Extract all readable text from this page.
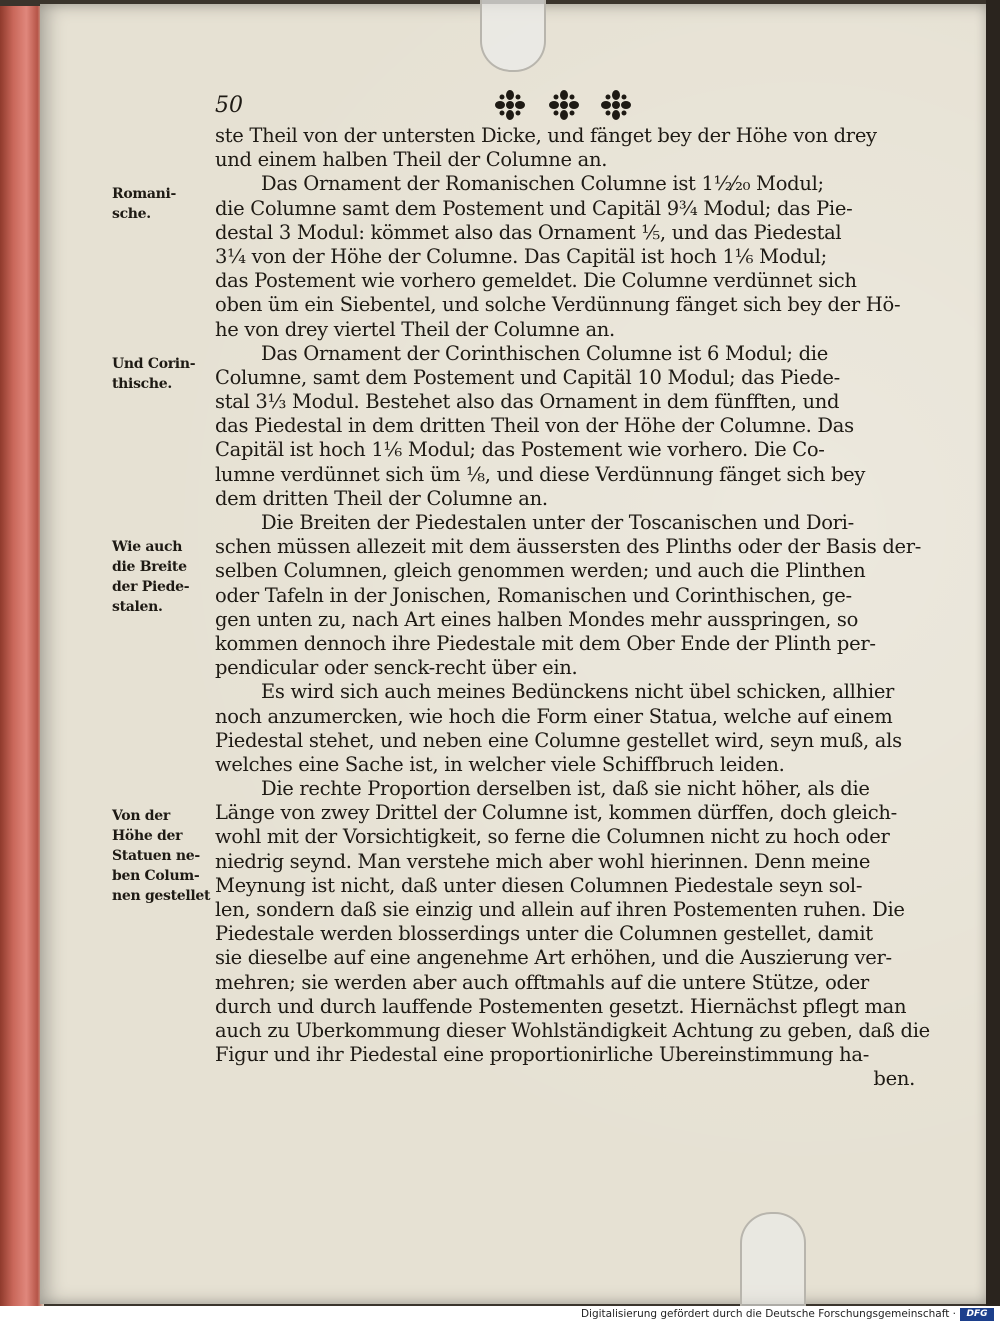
50
ste Theil von der untersten Dicke, und fänget bey der Höhe von drey
und einem halben Theil der Columne an.
Das Ornament der Romanischen Columne ist 1½⁄₂₀ Modul;
die Columne samt dem Postement und Capitäl 9¾ Modul; das Pie-
destal 3 Modul: kömmet also das Ornament ⅕, und das Piedestal
3¼ von der Höhe der Columne. Das Capitäl ist hoch 1⅙ Modul;
das Postement wie vorhero gemeldet. Die Columne verdünnet sich
oben üm ein Siebentel, und solche Verdünnung fänget sich bey der Hö-
he von drey viertel Theil der Columne an.
Das Ornament der Corinthischen Columne ist 6 Modul; die
Columne, samt dem Postement und Capitäl 10 Modul; das Piede-
stal 3⅓ Modul. Bestehet also das Ornament in dem fünfften, und
das Piedestal in dem dritten Theil von der Höhe der Columne. Das
Capitäl ist hoch 1⅙ Modul; das Postement wie vorhero. Die Co-
lumne verdünnet sich üm ⅛, und diese Verdünnung fänget sich bey
dem dritten Theil der Columne an.
Die Breiten der Piedestalen unter der Toscanischen und Dori-
schen müssen allezeit mit dem äussersten des Plinths oder der Basis der-
selben Columnen, gleich genommen werden; und auch die Plinthen
oder Tafeln in der Jonischen, Romanischen und Corinthischen, ge-
gen unten zu, nach Art eines halben Mondes mehr ausspringen, so
kommen dennoch ihre Piedestale mit dem Ober Ende der Plinth per-
pendicular oder senck-recht über ein.
Es wird sich auch meines Bedünckens nicht übel schicken, allhier
noch anzumercken, wie hoch die Form einer Statua, welche auf einem
Piedestal stehet, und neben eine Columne gestellet wird, seyn muß, als
welches eine Sache ist, in welcher viele Schiffbruch leiden.
Die rechte Proportion derselben ist, daß sie nicht höher, als die
Länge von zwey Drittel der Columne ist, kommen dürffen, doch gleich-
wohl mit der Vorsichtigkeit, so ferne die Columnen nicht zu hoch oder
niedrig seynd. Man verstehe mich aber wohl hierinnen. Denn meine
Meynung ist nicht, daß unter diesen Columnen Piedestale seyn sol-
len, sondern daß sie einzig und allein auf ihren Postementen ruhen. Die
Piedestale werden blosserdings unter die Columnen gestellet, damit
sie dieselbe auf eine angenehme Art erhöhen, und die Auszierung ver-
mehren; sie werden aber auch offtmahls auf die untere Stütze, oder
durch und durch lauffende Postementen gesetzt. Hiernächst pflegt man
auch zu Uberkommung dieser Wohlständigkeit Achtung zu geben, daß die
Figur und ihr Piedestal eine proportionirliche Ubereinstimmung ha-
ben.
Romani-
sche.
Und Corin-
thische.
Wie auch
die Breite
der Piede-
stalen.
Von der
Höhe der
Statuen ne-
ben Colum-
nen gestellet
Digitalisierung gefördert durch die Deutsche Forschungsgemeinschaft ·	DFG
